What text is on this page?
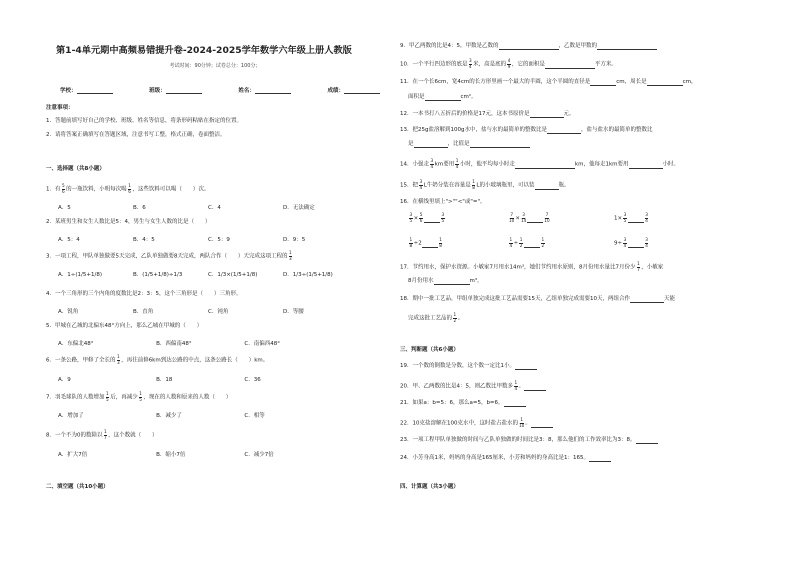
第1-4单元期中高频易错提升卷-2024-2025学年数学六年级上册人教版
考试时间：90分钟；试卷总分：100分；
学校：	班级：	姓名：	成绩：
注意事项：
1．答题前填写好自己的学校、班级、姓名等信息，将条形码粘贴在指定的位置。
2．请将答案正确填写在答题区域，注意书写工整，格式正确，卷面整洁。
一、选择题（共8小题）
1．有 $\frac{5}{6}$ 的一瓶饮料，小明每次喝 $\frac{1}{6}$ ，这些饮料可以喝（　　）次。
A．5	B．6	C．4	D．无法确定
2．某班男生和女生人数比是5：4，男生与女生人数的比是（　　）
A．5：4	B．4：5	C．5：9	D．9：5
3．一项工程，甲队单独做要5天完成，乙队单独做要8天完成，两队合作（　　）天完成这项工程的 $\frac{1}{3}$
A．1÷(1/5+1/8)	B．(1/5+1/8)÷1/3	C．1/3×(1/5+1/8)	D．1/3÷(1/5+1/8)
4．一个三角形的三个内角的度数比是2：3：5，这个三角形是（　　）三角形。
A．锐角	B．直角	C．钝角	D．等腰
5．甲城在乙城的北偏东48°方向上，那么乙城在甲城的（　　）
A．东偏北48°	B．西偏南48°	C．南偏西48°
6．一条公路，甲修了全长的 $\frac{1}{3}$ ，再往前修6km到达公路的中点，这条公路长（　　）km。
A．9	B．18	C．36
7．羽毛球队的人数增加 $\frac{1}{5}$ 后，再减少 $\frac{1}{5}$ ，现在的人数和原来的人数（　　）
A．增加了	B．减少了	C．相等
8．一个不为0的数除以 $\frac{1}{7}$ ，这个数就（　　）
A．扩大7倍	B．缩小7倍	C．减少7倍
二、填空题（共10小题）
9．甲乙两数的比是4：5，甲数是乙数的	，乙数是甲数的
10．一个平行四边形的底是 $\frac{3}{4}$ 米，高是底的 $\frac{4}{9}$ ，它的面积是	平方米。
11．在一个长6cm，宽4cm的长方形里画一个最大的半圆，这个半圆的直径是	cm，周长是	cm，
面积是	cm²。
12．一本书打八五折后的价格是17元，这本书原价是	元。
13．把25g盐溶解到100g水中，盐与水的最简单的整数比是	，盐与盐水的最简单的整数比
是	，比值是
14．小强走 $\frac{3}{4}$ km要用 $\frac{1}{4}$ 小时，他平均每小时走	km，他每走1km要用	小时。
15．把 $\frac{3}{4}$ L牛奶分装在容量是 $\frac{1}{8}$ L的小玻璃瓶里，可以装	瓶。
16．在横线里填上">""<"或"="。
$\frac{3}{5} \times \frac{5}{6}$	$\frac{3}{5}$	$\frac{7}{10} \times \frac{3}{14}$	$\frac{7}{10}$	$1\times \frac{3}{5}$	$\frac{3}{4}$
$\frac{1}{8} \div 2$	$\frac{1}{8}$	$\frac{1}{4} \div \frac{1}{2}$	$\frac{1}{2}$	$9\div \frac{3}{4}$	$\frac{3}{4}$
17．节约用水，保护水资源。小敏家7月用水14m³，她们节约用水原则，8月份用水量比7月份少 $\frac{1}{7}$ ，小敏家
8月份用水	m³。
18．期中一批工艺品，甲组单独完成这批工艺品需要15天，乙组单独完成需要10天，两组合作	天能
完成这批工艺品的 $\frac{1}{2}$ 。
三、判断题（共6小题）
19．一个数的倒数是分数，这个数一定比1小。
20．甲、乙两数的比是4：5，则乙数比甲数多 $\frac{1}{4}$ 。
21．如果a：b=5：6，那么a=5，b=6。
22．10克盐溶解在100克水中，这时盐占盐水的 $\frac{1}{10}$ 。
23．一项工程甲队单独做的时间与乙队单独做的时间比是3：8，那么他们的工作效率比为3：8。
24．小芳身高1米，妈妈的身高是165厘米，小芳和妈妈的身高比是1：165。
四、计算题（共3小题）
